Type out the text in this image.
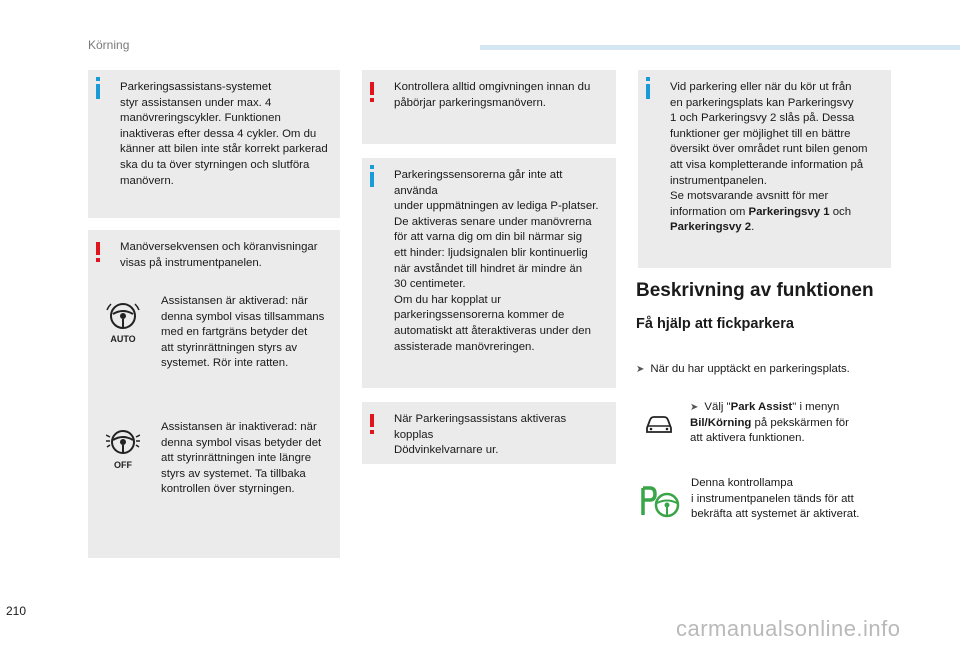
Körning

Parkeringsassistans-systemet
styr assistansen under max. 4
manövreringscykler. Funktionen
inaktiveras efter dessa 4 cykler. Om du
känner att bilen inte står korrekt parkerad
ska du ta över styrningen och slutföra
manövern.

Manöversekvensen och köranvisningar
visas på instrumentpanelen.

AUTO
Assistansen är aktiverad: när
denna symbol visas tillsammans
med en fartgräns betyder det
att styrinrättningen styrs av
systemet. Rör inte ratten.
OFF
Assistansen är inaktiverad: när
denna symbol visas betyder det
att styrinrättningen inte längre
styrs av systemet. Ta tillbaka
kontrollen över styrningen.

Kontrollera alltid omgivningen innan du
påbörjar parkeringsmanövern.

Parkeringssensorerna går inte att använda
under uppmätningen av lediga P-platser.
De aktiveras senare under manövrerna
för att varna dig om din bil närmar sig
ett hinder: ljudsignalen blir kontinuerlig
när avståndet till hindret är mindre än
30 centimeter.
Om du har kopplat ur
parkeringssensorerna kommer de
automatiskt att återaktiveras under den
assisterade manövreringen.

När Parkeringsassistans aktiveras kopplas
Dödvinkelvarnare ur.

Vid parkering eller när du kör ut från
en parkeringsplats kan Parkeringsvy
1 och Parkeringsvy 2 slås på. Dessa
funktioner ger möjlighet till en bättre
översikt över området runt bilen genom
att visa kompletterande information på
instrumentpanelen.
Se motsvarande avsnitt för mer
information om Parkeringsvy 1 och
Parkeringsvy 2.

Beskrivning av funktionen
Få hjälp att fickparkera
➤ När du har upptäckt en parkeringsplats.
➤ Välj "Park Assist" i menyn
Bil/Körning på pekskärmen för
att aktivera funktionen.
Denna kontrollampa
i instrumentpanelen tänds för att
bekräfta att systemet är aktiverat.
210
carmanualsonline.info
